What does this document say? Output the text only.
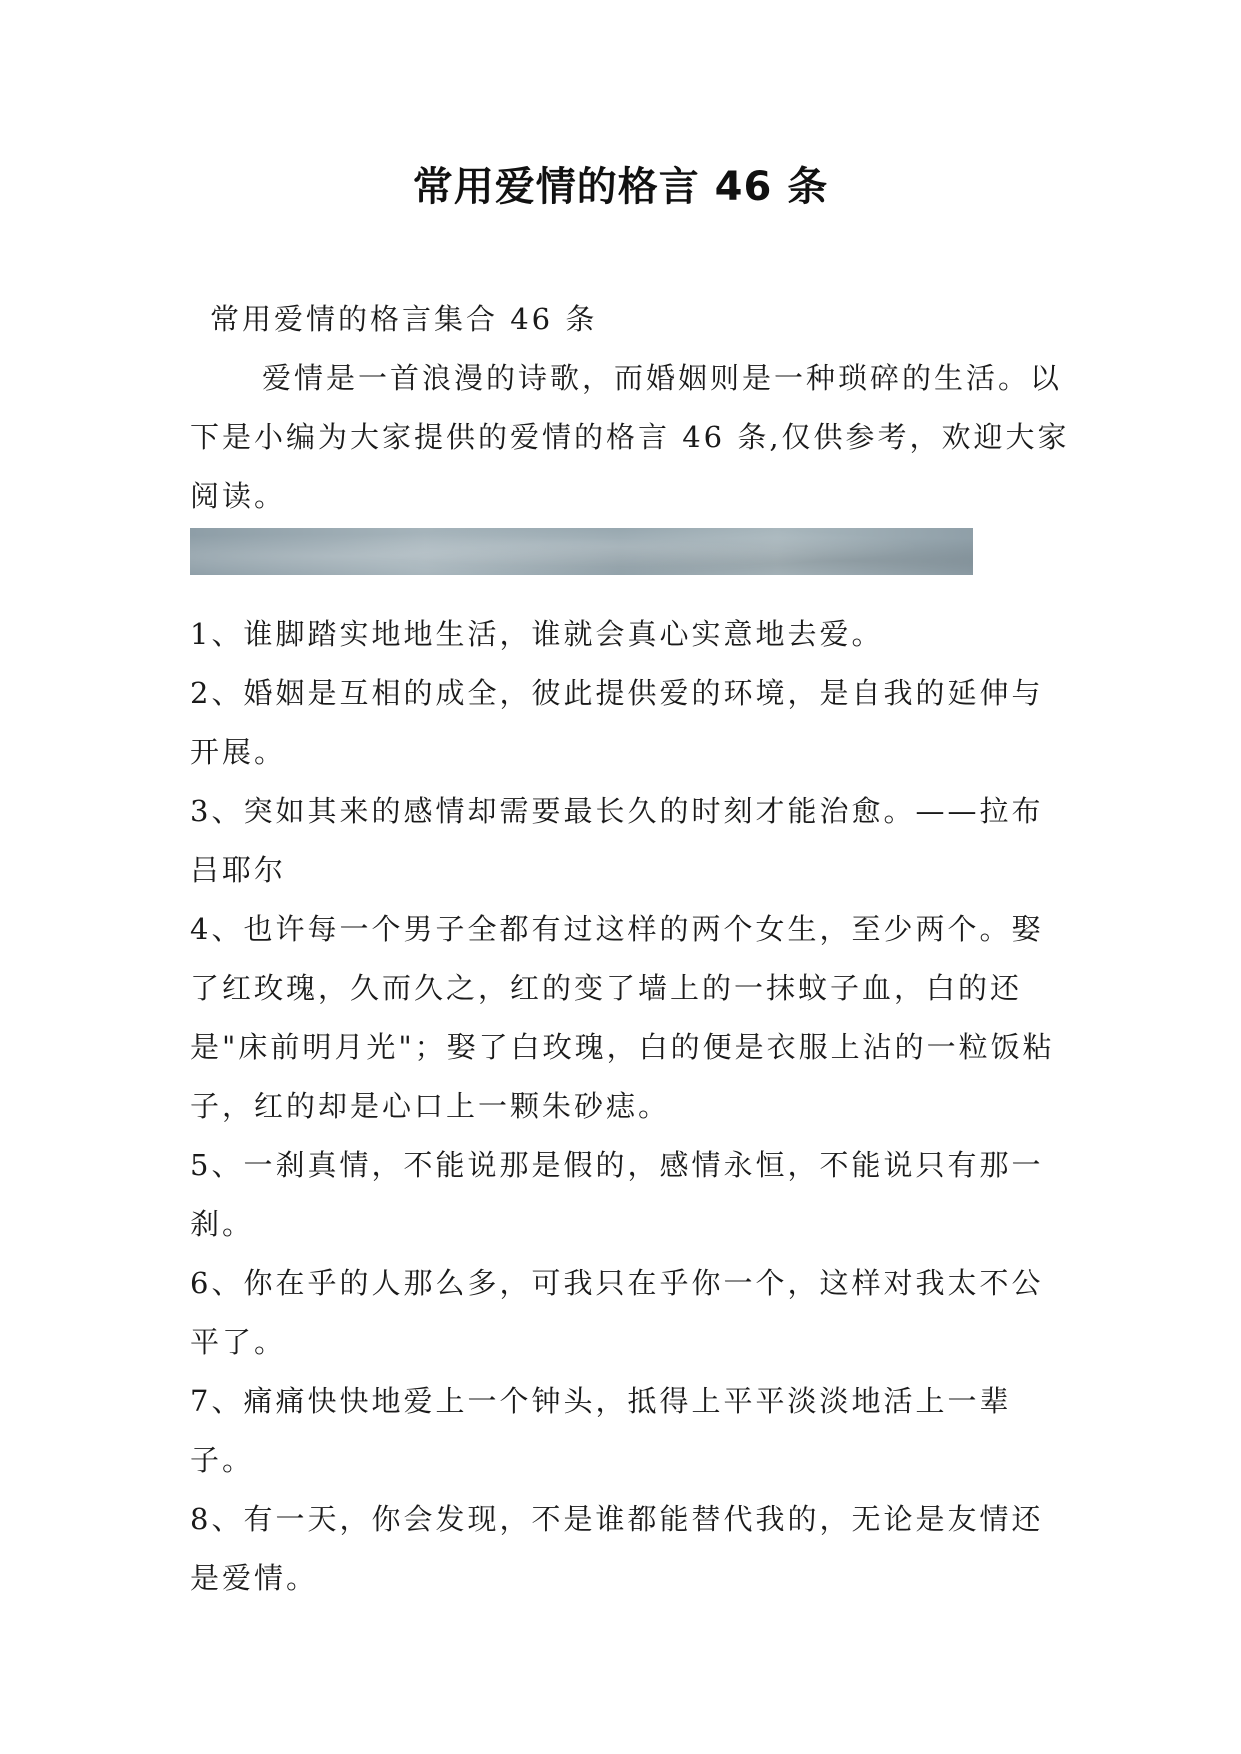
常用爱情的格言 46 条
常用爱情的格言集合 46 条

爱情是一首浪漫的诗歌，而婚姻则是一种琐碎的生活。以下是小编为大家提供的爱情的格言 46 条,仅供参考，欢迎大家阅读。

1、谁脚踏实地地生活，谁就会真心实意地去爱。

2、婚姻是互相的成全，彼此提供爱的环境，是自我的延伸与开展。

3、突如其来的感情却需要最长久的时刻才能治愈。——拉布吕耶尔

4、也许每一个男子全都有过这样的两个女生，至少两个。娶了红玫瑰，久而久之，红的变了墙上的一抹蚊子血，白的还是"床前明月光"；娶了白玫瑰，白的便是衣服上沾的一粒饭粘子，红的却是心口上一颗朱砂痣。

5、一刹真情，不能说那是假的，感情永恒，不能说只有那一刹。

6、你在乎的人那么多，可我只在乎你一个，这样对我太不公平了。

7、痛痛快快地爱上一个钟头，抵得上平平淡淡地活上一辈子。

8、有一天，你会发现，不是谁都能替代我的，无论是友情还是爱情。
